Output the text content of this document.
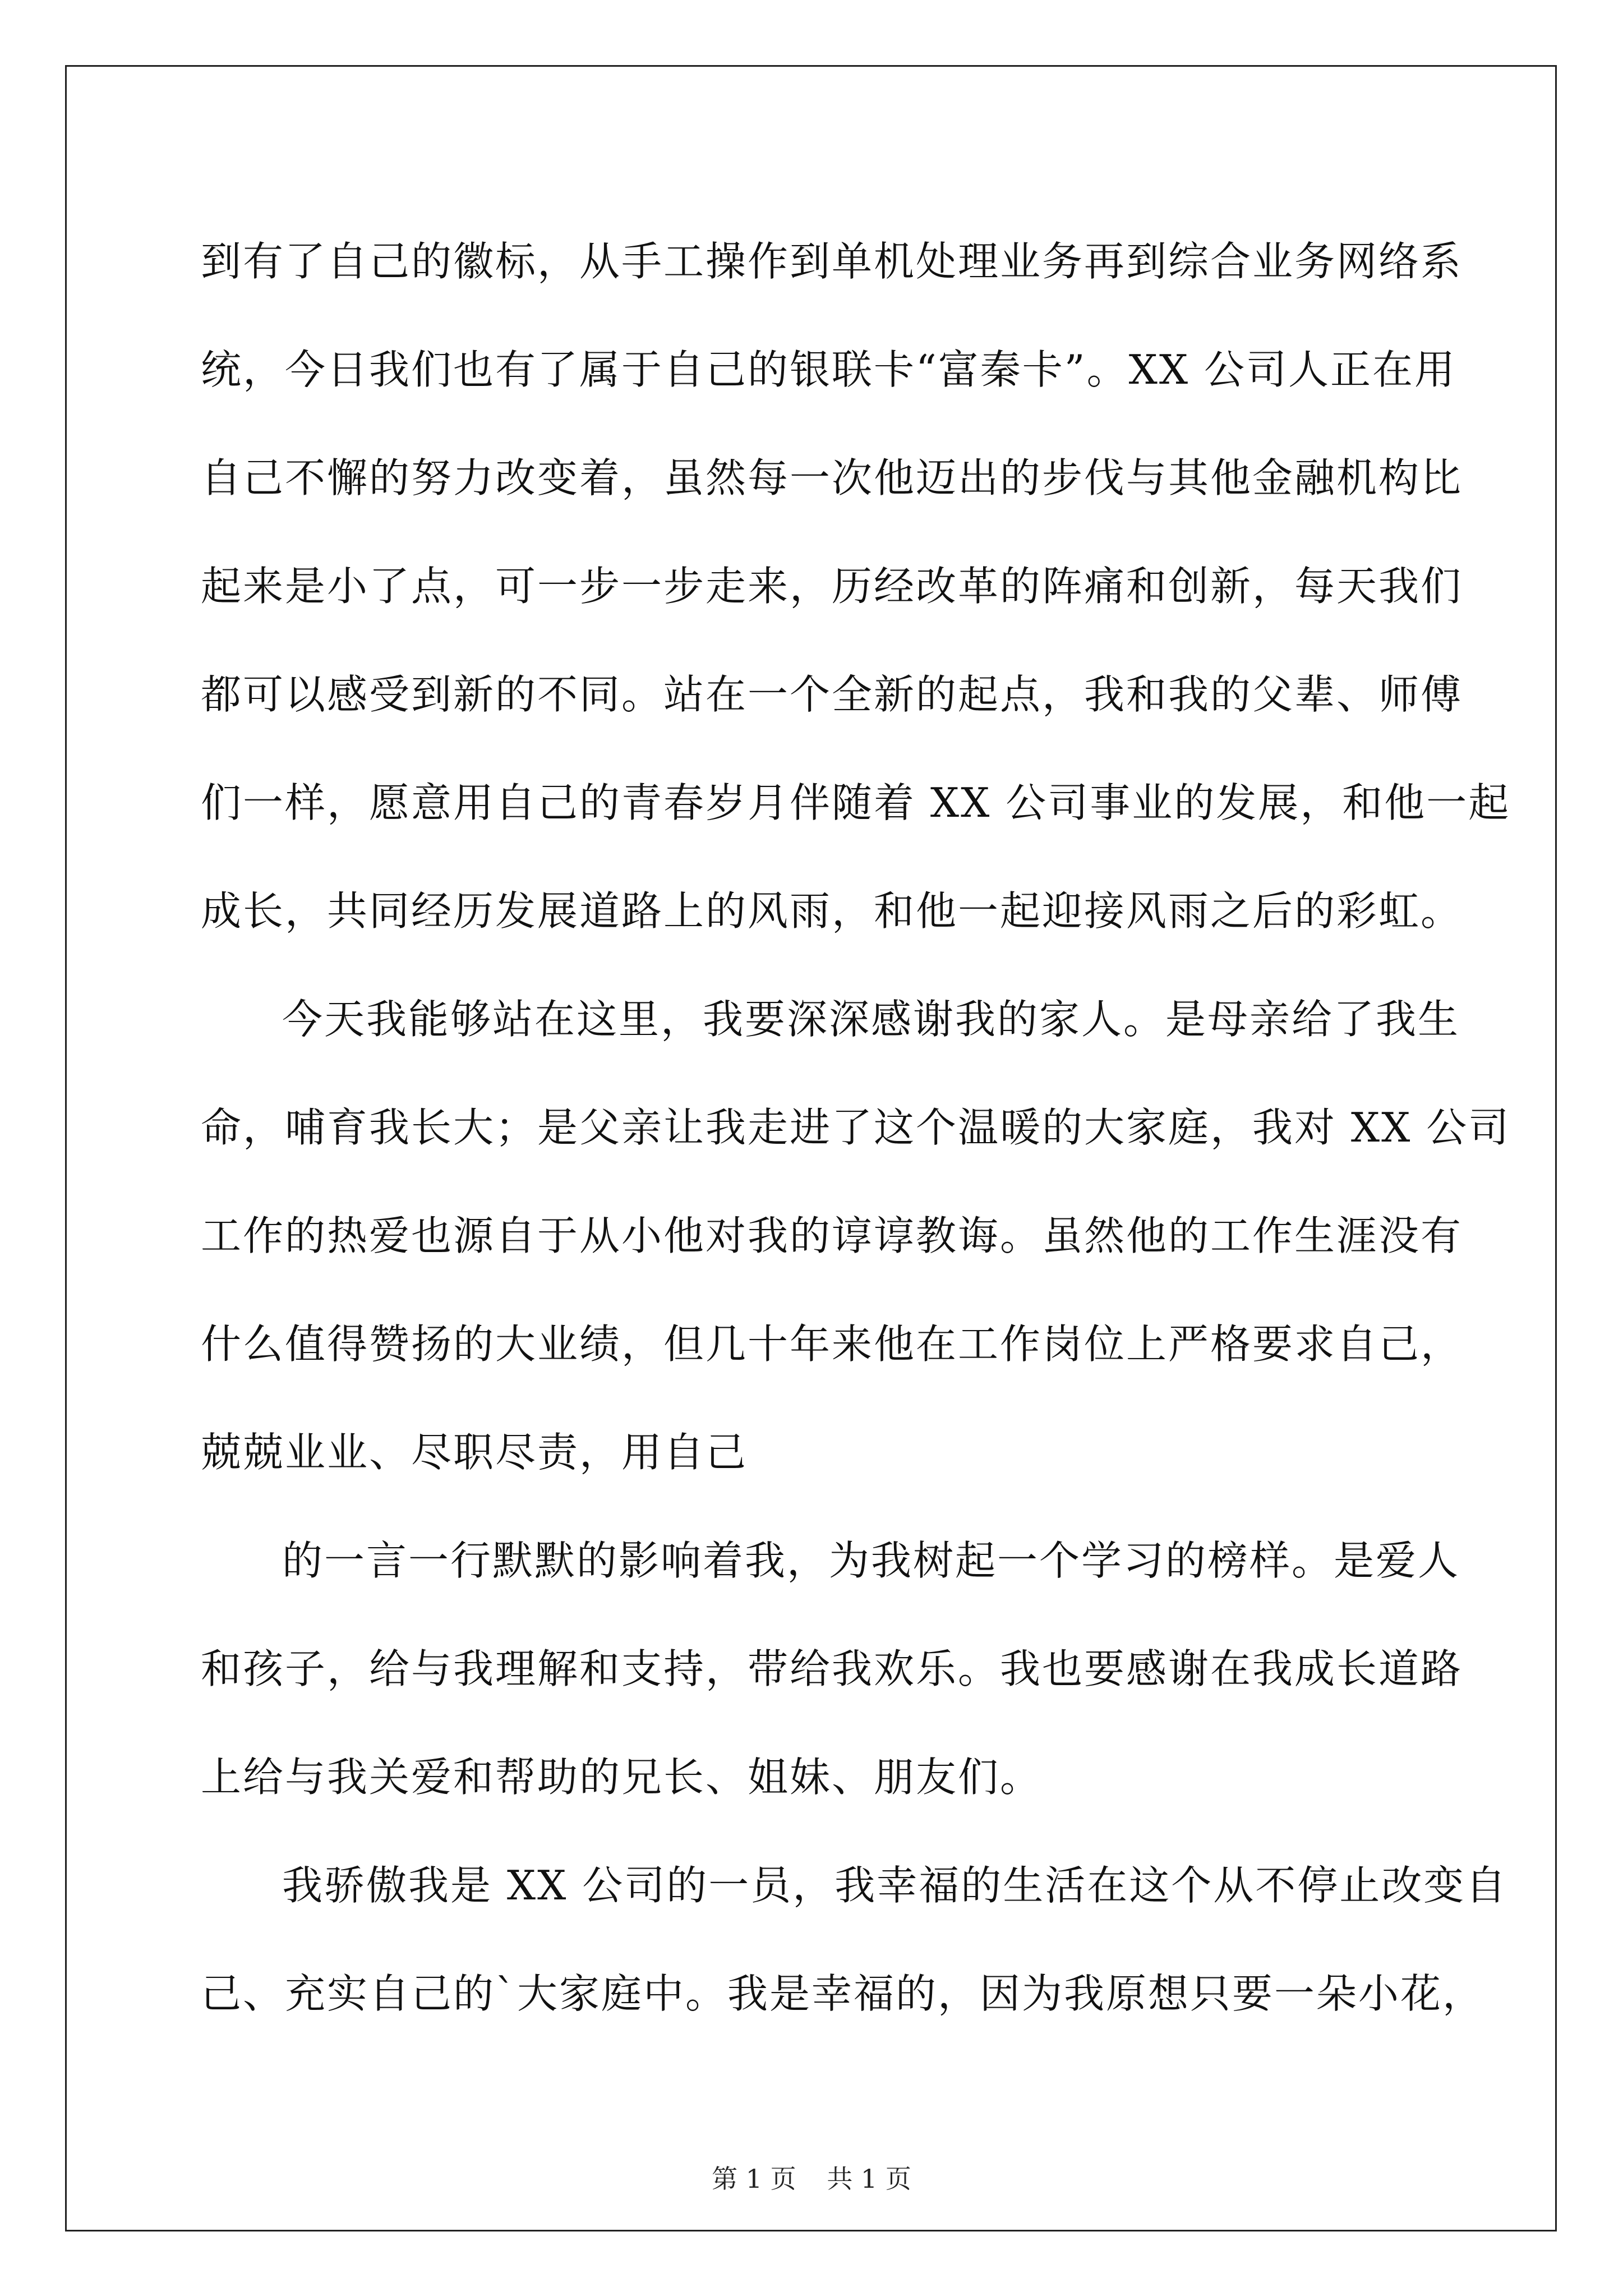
到有了自己的徽标，从手工操作到单机处理业务再到综合业务网络系
统，今日我们也有了属于自己的银联卡“富秦卡”。XX 公司人正在用
自己不懈的努力改变着，虽然每一次他迈出的步伐与其他金融机构比
起来是小了点，可一步一步走来，历经改革的阵痛和创新，每天我们
都可以感受到新的不同。站在一个全新的起点，我和我的父辈、师傅
们一样，愿意用自己的青春岁月伴随着 XX 公司事业的发展，和他一起
成长，共同经历发展道路上的风雨，和他一起迎接风雨之后的彩虹。
今天我能够站在这里，我要深深感谢我的家人。是母亲给了我生
命，哺育我长大；是父亲让我走进了这个温暖的大家庭，我对 XX 公司
工作的热爱也源自于从小他对我的谆谆教诲。虽然他的工作生涯没有
什么值得赞扬的大业绩，但几十年来他在工作岗位上严格要求自己，
兢兢业业、尽职尽责，用自己
的一言一行默默的影响着我，为我树起一个学习的榜样。是爱人
和孩子，给与我理解和支持，带给我欢乐。我也要感谢在我成长道路
上给与我关爱和帮助的兄长、姐妹、朋友们。
我骄傲我是 XX 公司的一员，我幸福的生活在这个从不停止改变自
己、充实自己的`大家庭中。我是幸福的，因为我原想只要一朵小花，
第 1 页 共 1 页
